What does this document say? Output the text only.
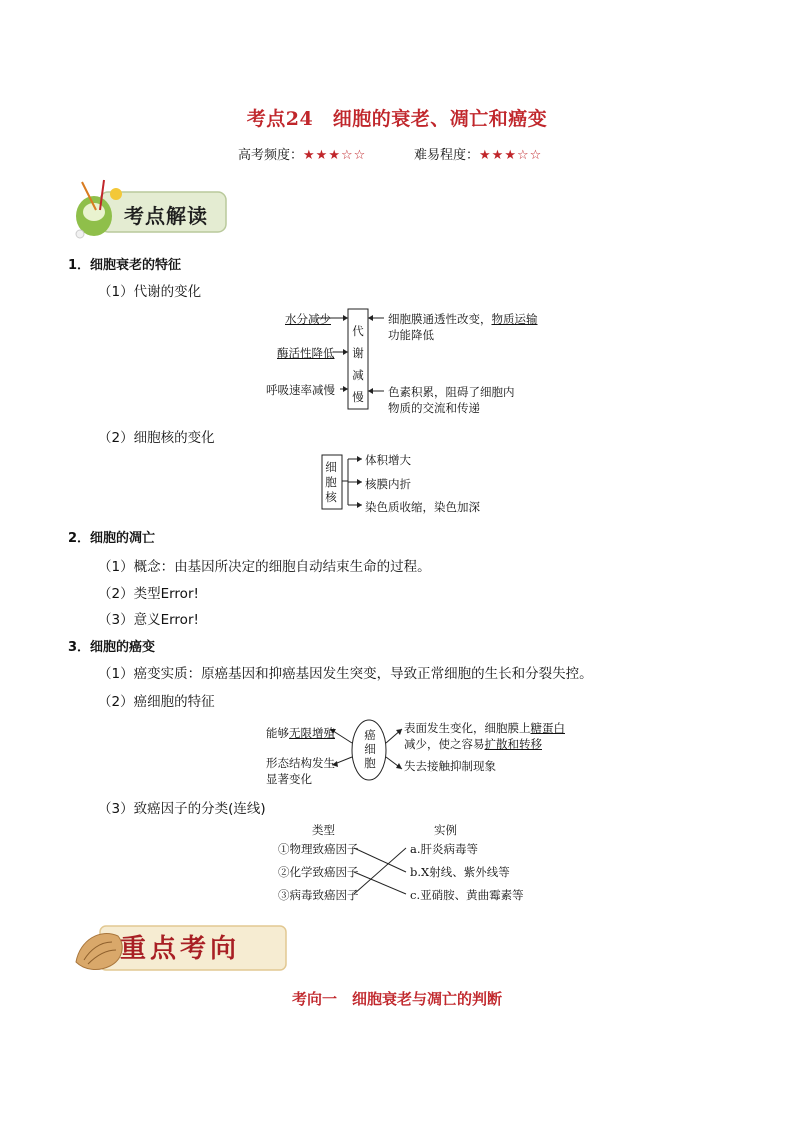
考点24　细胞的衰老、凋亡和癌变
高考频度：★★★☆☆	难易程度：★★★☆☆
考点解读
1．细胞衰老的特征
（1）代谢的变化
水分减少
酶活性降低
呼吸速率减慢
代
谢
减
慢
细胞膜通透性改变，物质运输
功能降低
色素积累，阻碍了细胞内
物质的交流和传递
（2）细胞核的变化
细
胞
核
体积增大
核膜内折
染色质收缩，染色加深
2．细胞的凋亡
（1）概念：由基因所决定的细胞自动结束生命的过程。
（2）类型Error!
（3）意义Error!
3．细胞的癌变
（1）癌变实质：原癌基因和抑癌基因发生突变，导致正常细胞的生长和分裂失控。
（2）癌细胞的特征
癌
细
胞
能够无限增殖
形态结构发生
显著变化
表面发生变化，细胞膜上糖蛋白
减少，使之容易扩散和转移
失去接触抑制现象
（3）致癌因子的分类(连线)
类型	实例
①物理致癌因子
②化学致癌因子
③病毒致癌因子
a.肝炎病毒等
b.X射线、紫外线等
c.亚硝胺、黄曲霉素等
重点考向
考向一　细胞衰老与凋亡的判断
